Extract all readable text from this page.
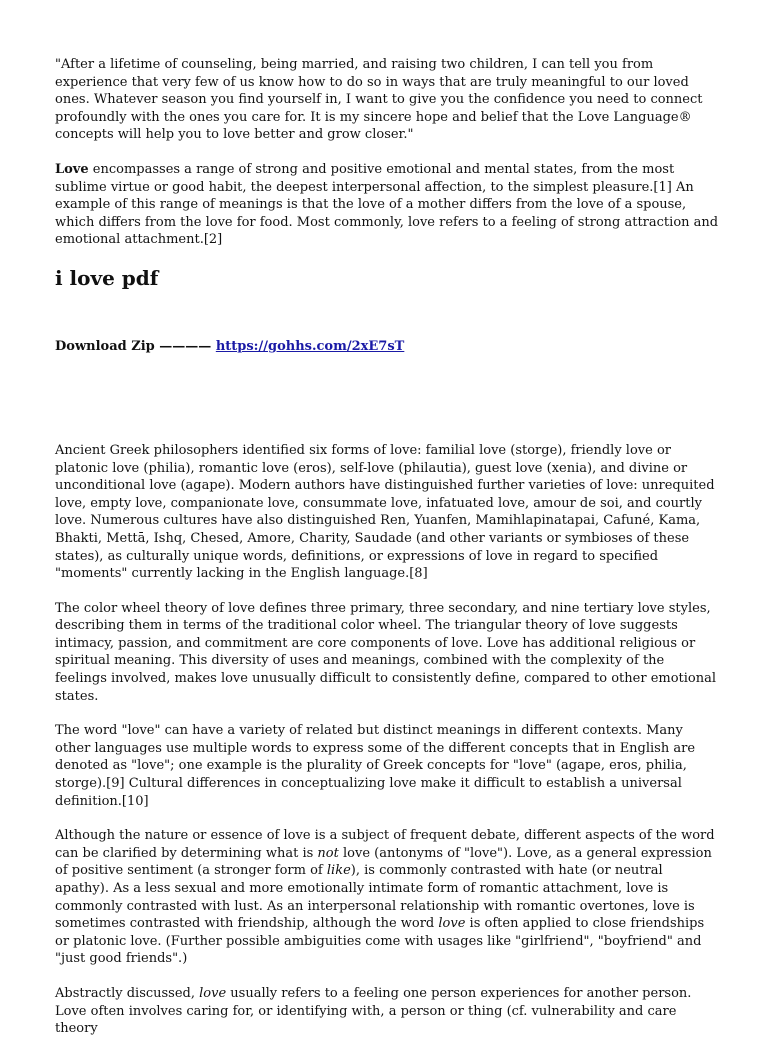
"After a lifetime of counseling, being married, and raising two children, I can tell you from experience that very few of us know how to do so in ways that are truly meaningful to our loved ones. Whatever season you find yourself in, I want to give you the confidence you need to connect profoundly with the ones you care for. It is my sincere hope and belief that the Love Language® concepts will help you to love better and grow closer."

Love encompasses a range of strong and positive emotional and mental states, from the most sublime virtue or good habit, the deepest interpersonal affection, to the simplest pleasure.[1] An example of this range of meanings is that the love of a mother differs from the love of a spouse, which differs from the love for food. Most commonly, love refers to a feeling of strong attraction and emotional attachment.[2]

i love pdf
Download Zip ———— https://gohhs.com/2xE7sT

Ancient Greek philosophers identified six forms of love: familial love (storge), friendly love or platonic love (philia), romantic love (eros), self-love (philautia), guest love (xenia), and divine or unconditional love (agape). Modern authors have distinguished further varieties of love: unrequited love, empty love, companionate love, consummate love, infatuated love, amour de soi, and courtly love. Numerous cultures have also distinguished Ren, Yuanfen, Mamihlapinatapai, Cafuné, Kama, Bhakti, Mettā, Ishq, Chesed, Amore, Charity, Saudade (and other variants or symbioses of these states), as culturally unique words, definitions, or expressions of love in regard to specified "moments" currently lacking in the English language.[8]

The color wheel theory of love defines three primary, three secondary, and nine tertiary love styles, describing them in terms of the traditional color wheel. The triangular theory of love suggests intimacy, passion, and commitment are core components of love. Love has additional religious or spiritual meaning. This diversity of uses and meanings, combined with the complexity of the feelings involved, makes love unusually difficult to consistently define, compared to other emotional states.

The word "love" can have a variety of related but distinct meanings in different contexts. Many other languages use multiple words to express some of the different concepts that in English are denoted as "love"; one example is the plurality of Greek concepts for "love" (agape, eros, philia, storge).[9] Cultural differences in conceptualizing love make it difficult to establish a universal definition.[10]

Although the nature or essence of love is a subject of frequent debate, different aspects of the word can be clarified by determining what is not love (antonyms of "love"). Love, as a general expression of positive sentiment (a stronger form of like), is commonly contrasted with hate (or neutral apathy). As a less sexual and more emotionally intimate form of romantic attachment, love is commonly contrasted with lust. As an interpersonal relationship with romantic overtones, love is sometimes contrasted with friendship, although the word love is often applied to close friendships or platonic love. (Further possible ambiguities come with usages like "girlfriend", "boyfriend" and "just good friends".)

Abstractly discussed, love usually refers to a feeling one person experiences for another person. Love often involves caring for, or identifying with, a person or thing (cf. vulnerability and care theory
